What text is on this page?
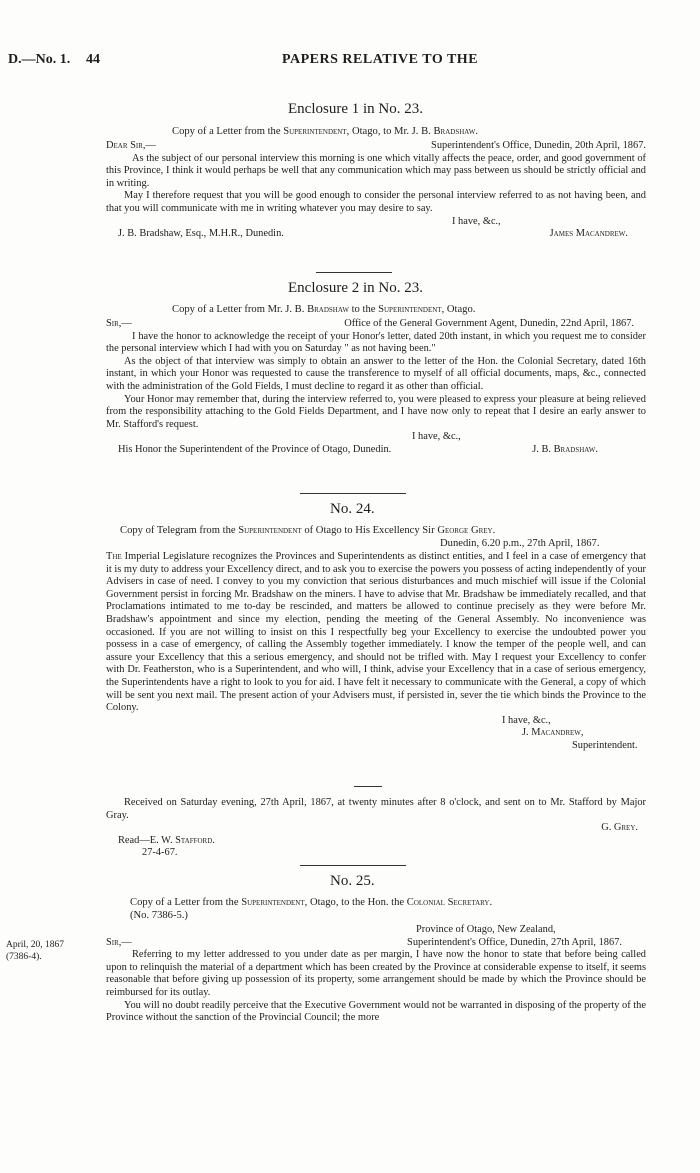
D.—No. 1. 44	PAPERS RELATIVE TO THE
Enclosure 1 in No. 23.
Copy of a Letter from the Superintendent, Otago, to Mr. J. B. Bradshaw.
Dear Sir,—	Superintendent's Office, Dunedin, 20th April, 1867.

As the subject of our personal interview this morning is one which vitally affects the peace, order, and good government of this Province, I think it would perhaps be well that any communication which may pass between us should be strictly official and in writing.

May I therefore request that you will be good enough to consider the personal interview referred to as not having been, and that you will communicate with me in writing whatever you may desire to say.

I have, &c.,
J. B. Bradshaw, Esq., M.H.R., Dunedin.	James Macandrew.
Enclosure 2 in No. 23.
Copy of a Letter from Mr. J. B. Bradshaw to the Superintendent, Otago.
Sir,—	Office of the General Government Agent, Dunedin, 22nd April, 1867.

I have the honor to acknowledge the receipt of your Honor's letter, dated 20th instant, in which you request me to consider the personal interview which I had with you on Saturday " as not having been."

As the object of that interview was simply to obtain an answer to the letter of the Hon. the Colonial Secretary, dated 16th instant, in which your Honor was requested to cause the transference to myself of all official documents, maps, &c., connected with the administration of the Gold Fields, I must decline to regard it as other than official.

Your Honor may remember that, during the interview referred to, you were pleased to express your pleasure at being relieved from the responsibility attaching to the Gold Fields Department, and I have now only to repeat that I desire an early answer to Mr. Stafford's request.

I have, &c.,
His Honor the Superintendent of the Province of Otago, Dunedin.	J. B. Bradshaw.
No. 24.
Copy of Telegram from the Superintendent of Otago to His Excellency Sir George Grey.
Dunedin, 6.20 p.m., 27th April, 1867.

The Imperial Legislature recognizes the Provinces and Superintendents as distinct entities, and I feel in a case of emergency that it is my duty to address your Excellency direct, and to ask you to exercise the powers you possess of acting independently of your Advisers in case of need. I convey to you my conviction that serious disturbances and much mischief will issue if the Colonial Government persist in forcing Mr. Bradshaw on the miners. I have to advise that Mr. Bradshaw be immediately recalled, and that Proclamations intimated to me to-day be rescinded, and matters be allowed to continue precisely as they were before Mr. Bradshaw's appointment and since my election, pending the meeting of the General Assembly. No inconvenience was occasioned. If you are not willing to insist on this I respectfully beg your Excellency to exercise the undoubted power you possess in a case of emergency, of calling the Assembly together immediately. I know the temper of the people well, and can assure your Excellency that this a serious emergency, and should not be trifled with. May I request your Excellency to confer with Dr. Featherston, who is a Superintendent, and who will, I think, advise your Excellency that in a case of serious emergency, the Superintendents have a right to look to you for aid. I have felt it necessary to communicate with the General, a copy of which will be sent you next mail. The present action of your Advisers must, if persisted in, sever the tie which binds the Province to the Colony.

I have, &c.,
J. Macandrew,
Superintendent.

Received on Saturday evening, 27th April, 1867, at twenty minutes after 8 o'clock, and sent on to Mr. Stafford by Major Gray.

G. Grey.
Read—E. W. Stafford.
27-4-67.
No. 25.
Copy of a Letter from the Superintendent, Otago, to the Hon. the Colonial Secretary.
(No. 7386-5.)
April, 20, 1867
(7386-4).
Province of Otago, New Zealand,
Sir,—	Superintendent's Office, Dunedin, 27th April, 1867.

Referring to my letter addressed to you under date as per margin, I have now the honor to state that before being called upon to relinquish the material of a department which has been created by the Province at considerable expense to itself, it seems reasonable that before giving up possession of its property, some arrangement should be made by which the Province should be reimbursed for its outlay.

You will no doubt readily perceive that the Executive Government would not be warranted in disposing of the property of the Province without the sanction of the Provincial Council; the more
